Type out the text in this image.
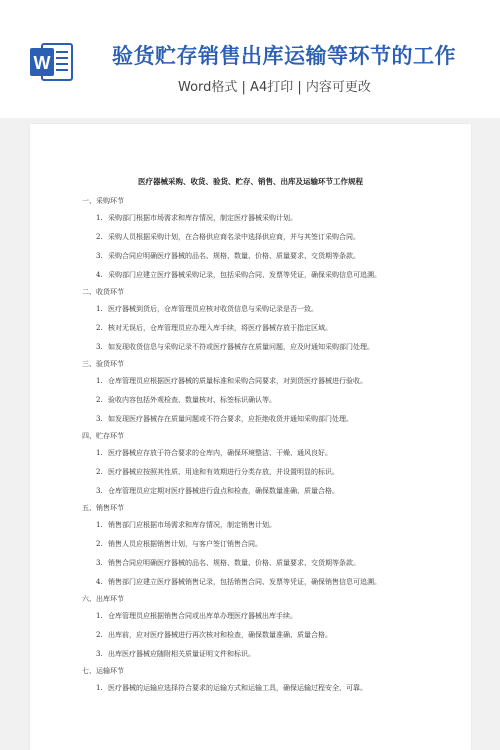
W	验货贮存销售出库运输等环节的工作
Word格式 | A4打印 | 内容可更改
医疗器械采购、收货、验货、贮存、销售、出库及运输环节工作规程
一、采购环节
1. 采购部门根据市场需求和库存情况，制定医疗器械采购计划。
2. 采购人员根据采购计划，在合格供应商名录中选择供应商，并与其签订采购合同。
3. 采购合同应明确医疗器械的品名、规格、数量、价格、质量要求、交货期等条款。
4. 采购部门应建立医疗器械采购记录，包括采购合同、发票等凭证，确保采购信息可追溯。
二、收货环节
1. 医疗器械到货后，仓库管理员应核对收货信息与采购记录是否一致。
2. 核对无误后，仓库管理员应办理入库手续，将医疗器械存放于指定区域。
3. 如发现收货信息与采购记录不符或医疗器械存在质量问题，应及时通知采购部门处理。
三、验货环节
1. 仓库管理员应根据医疗器械的质量标准和采购合同要求，对到货医疗器械进行验收。
2. 验收内容包括外观检查、数量核对、标签标识确认等。
3. 如发现医疗器械存在质量问题或不符合要求，应拒绝收货并通知采购部门处理。
四、贮存环节
1. 医疗器械应存放于符合要求的仓库内，确保环境整洁、干燥、通风良好。
2. 医疗器械应按照其性质、用途和有效期进行分类存放，并设置明显的标识。
3. 仓库管理员应定期对医疗器械进行盘点和检查，确保数量准确、质量合格。
五、销售环节
1. 销售部门应根据市场需求和库存情况，制定销售计划。
2. 销售人员应根据销售计划，与客户签订销售合同。
3. 销售合同应明确医疗器械的品名、规格、数量、价格、质量要求、交货期等条款。
4. 销售部门应建立医疗器械销售记录，包括销售合同、发票等凭证，确保销售信息可追溯。
六、出库环节
1. 仓库管理员应根据销售合同或出库单办理医疗器械出库手续。
2. 出库前，应对医疗器械进行再次核对和检查，确保数量准确、质量合格。
3. 出库医疗器械应随附相关质量证明文件和标识。
七、运输环节
1. 医疗器械的运输应选择符合要求的运输方式和运输工具，确保运输过程安全、可靠。
